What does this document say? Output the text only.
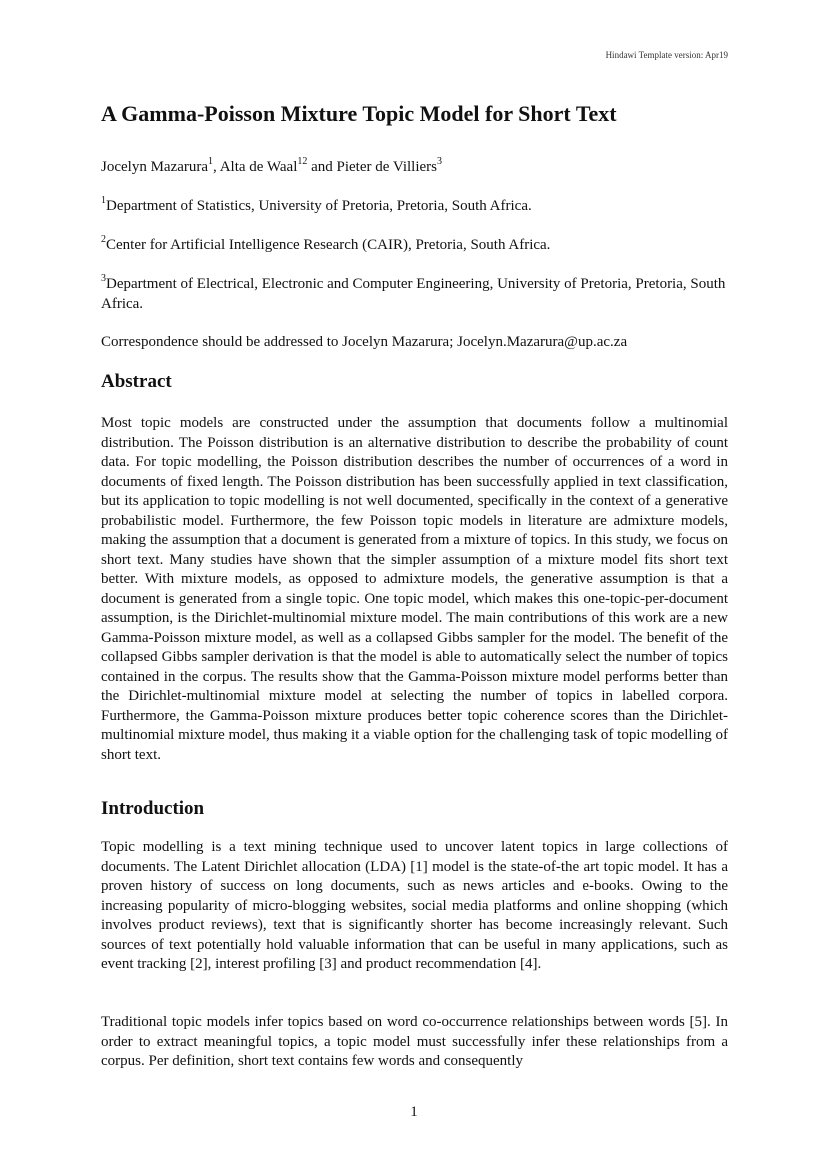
Hindawi Template version: Apr19
A Gamma-Poisson Mixture Topic Model for Short Text
Jocelyn Mazarura$^1$, Alta de Waal$^{12}$ and Pieter de Villiers$^3$
$^1$Department of Statistics, University of Pretoria, Pretoria, South Africa.
$^2$Center for Artificial Intelligence Research (CAIR), Pretoria, South Africa.
$^3$Department of Electrical, Electronic and Computer Engineering, University of Pretoria, Pretoria, South Africa.
Correspondence should be addressed to Jocelyn Mazarura; Jocelyn.Mazarura@up.ac.za
Abstract
Most topic models are constructed under the assumption that documents follow a multinomial distribution. The Poisson distribution is an alternative distribution to describe the probability of count data. For topic modelling, the Poisson distribution describes the number of occurrences of a word in documents of fixed length. The Poisson distribution has been successfully applied in text classification, but its application to topic modelling is not well documented, specifically in the context of a generative probabilistic model. Furthermore, the few Poisson topic models in literature are admixture models, making the assumption that a document is generated from a mixture of topics. In this study, we focus on short text. Many studies have shown that the simpler assumption of a mixture model fits short text better. With mixture models, as opposed to admixture models, the generative assumption is that a document is generated from a single topic. One topic model, which makes this one-topic-per-document assumption, is the Dirichlet-multinomial mixture model. The main contributions of this work are a new Gamma-Poisson mixture model, as well as a collapsed Gibbs sampler for the model. The benefit of the collapsed Gibbs sampler derivation is that the model is able to automatically select the number of topics contained in the corpus. The results show that the Gamma-Poisson mixture model performs better than the Dirichlet-multinomial mixture model at selecting the number of topics in labelled corpora. Furthermore, the Gamma-Poisson mixture produces better topic coherence scores than the Dirichlet-multinomial mixture model, thus making it a viable option for the challenging task of topic modelling of short text.
Introduction
Topic modelling is a text mining technique used to uncover latent topics in large collections of documents. The Latent Dirichlet allocation (LDA) [1] model is the state-of-the art topic model. It has a proven history of success on long documents, such as news articles and e-books. Owing to the increasing popularity of micro-blogging websites, social media platforms and online shopping (which involves product reviews), text that is significantly shorter has become increasingly relevant. Such sources of text potentially hold valuable information that can be useful in many applications, such as event tracking [2], interest profiling [3] and product recommendation [4].
Traditional topic models infer topics based on word co-occurrence relationships between words [5]. In order to extract meaningful topics, a topic model must successfully infer these relationships from a corpus. Per definition, short text contains few words and consequently
1
